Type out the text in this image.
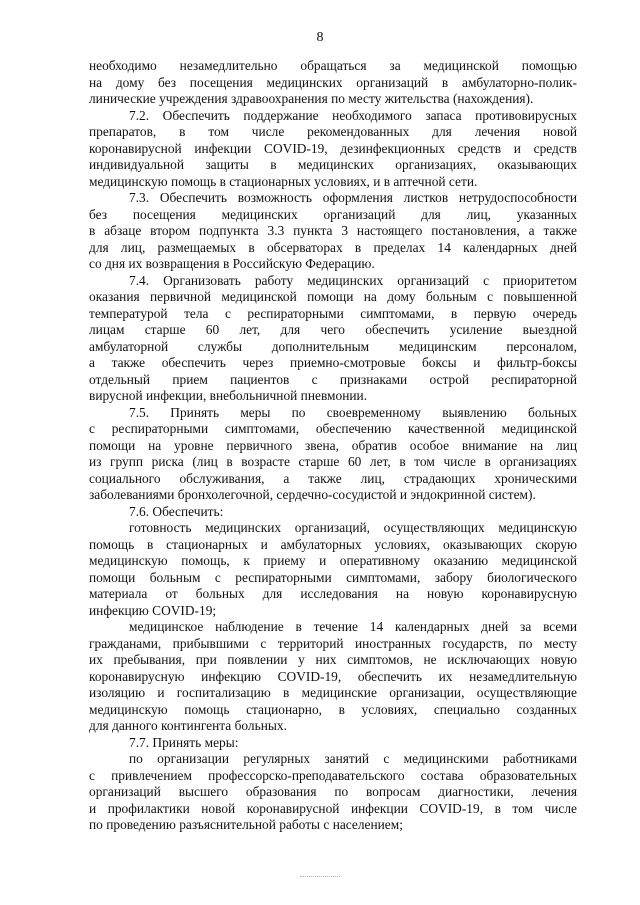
8

необходимо незамедлительно обращаться за медицинской помощью
на дому без посещения медицинских организаций в амбулаторно-полик-
линические учреждения здравоохранения по месту жительства (нахождения).

7.2. Обеспечить поддержание необходимого запаса противовирусных
препаратов, в том числе рекомендованных для лечения новой
коронавирусной инфекции COVID-19, дезинфекционных средств и средств
индивидуальной защиты в медицинских организациях, оказывающих
медицинскую помощь в стационарных условиях, и в аптечной сети.

7.3. Обеспечить возможность оформления листков нетрудоспособности
без посещения медицинских организаций для лиц, указанных
в абзаце втором подпункта 3.3 пункта 3 настоящего постановления, а также
для лиц, размещаемых в обсерваторах в пределах 14 календарных дней
со дня их возвращения в Российскую Федерацию.

7.4. Организовать работу медицинских организаций с приоритетом
оказания первичной медицинской помощи на дому больным с повышенной
температурой тела с респираторными симптомами, в первую очередь
лицам старше 60 лет, для чего обеспечить усиление выездной
амбулаторной службы дополнительным медицинским персоналом,
а также обеспечить через приемно-смотровые боксы и фильтр-боксы
отдельный прием пациентов с признаками острой респираторной
вирусной инфекции, внебольничной пневмонии.

7.5. Принять меры по своевременному выявлению больных
с респираторными симптомами, обеспечению качественной медицинской
помощи на уровне первичного звена, обратив особое внимание на лиц
из групп риска (лиц в возрасте старше 60 лет, в том числе в организациях
социального обслуживания, а также лиц, страдающих хроническими
заболеваниями бронхолегочной, сердечно-сосудистой и эндокринной систем).

7.6. Обеспечить:

готовность медицинских организаций, осуществляющих медицинскую
помощь в стационарных и амбулаторных условиях, оказывающих скорую
медицинскую помощь, к приему и оперативному оказанию медицинской
помощи больным с респираторными симптомами, забору биологического
материала от больных для исследования на новую коронавирусную
инфекцию COVID-19;

медицинское наблюдение в течение 14 календарных дней за всеми
гражданами, прибывшими с территорий иностранных государств, по месту
их пребывания, при появлении у них симптомов, не исключающих новую
коронавирусную инфекцию COVID-19, обеспечить их незамедлительную
изоляцию и госпитализацию в медицинские организации, осуществляющие
медицинскую помощь стационарно, в условиях, специально созданных
для данного контингента больных.

7.7. Принять меры:

по организации регулярных занятий с медицинскими работниками
с привлечением профессорско-преподавательского состава образовательных
организаций высшего образования по вопросам диагностики, лечения
и профилактики новой коронавирусной инфекции COVID-19, в том числе
по проведению разъяснительной работы с населением;
